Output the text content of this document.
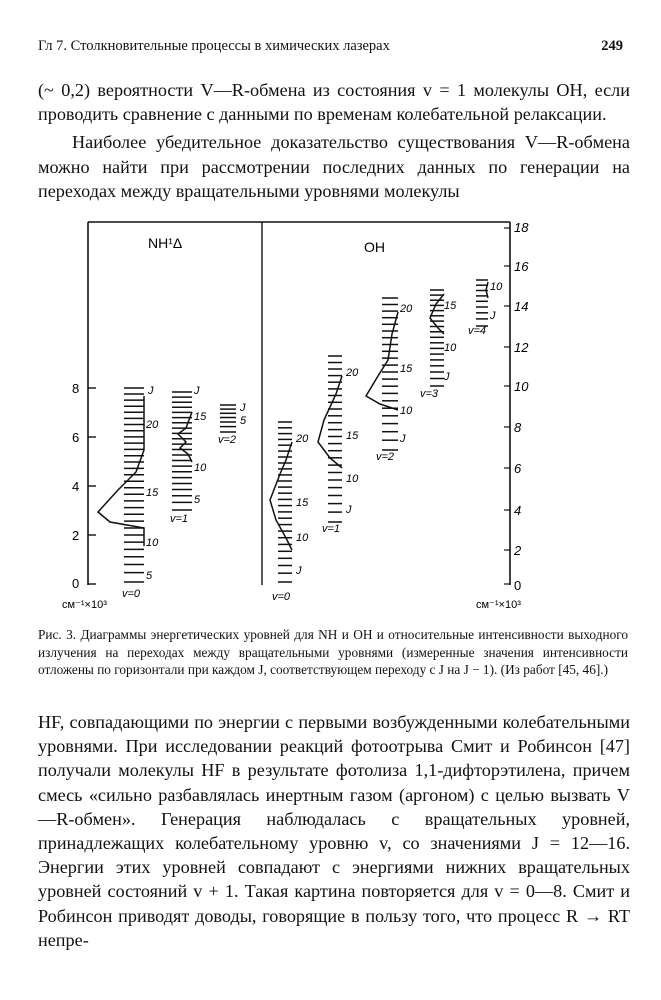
Гл 7. Столкновительные процессы в химических лазерах	249

(~ 0,2) вероятности V—R-обмена из состояния v = 1 молекулы OH, если проводить сравнение с данными по временам колебательной релаксации.

Наиболее убедительное доказательство существования V—R-обмена можно найти при рассмотрении последних данных по генерации на переходах между вращательными уровнями молекулы

NH¹Δ	OH
0
2
4
6
8
см⁻¹×10³
0
2
4
6
8
10
12
14
16
18
см⁻¹×10³
5
10
15
20
J
v=0
5
10
15
J
v=1
5
J
v=2
J
10
15
20
v=0
J
10
15
20
v=1
J
10
15
20
v=2
J
10
15
v=3
J
10
v=4
Рис. 3. Диаграммы энергетических уровней для NH и OH и относительные интенсивности выходного излучения на переходах между вращательными уровнями (измеренные значения интенсивности отложены по горизонтали при каждом J, соответствующем переходу с J на J − 1). (Из работ [45, 46].)

HF, совпадающими по энергии с первыми возбужденными колебательными уровнями. При исследовании реакций фотоотрыва Смит и Робинсон [47] получали молекулы HF в результате фотолиза 1,1-дифторэтилена, причем смесь «сильно разбавлялась инертным газом (аргоном) с целью вызвать V—R-обмен». Генерация наблюдалась с вращательных уровней, принадлежащих колебательному уровню v, со значениями J = 12—16. Энергии этих уровней совпадают с энергиями нижних вращательных уровней состояний v + 1. Такая картина повторяется для v = 0—8. Смит и Робинсон приводят доводы, говорящие в пользу того, что процесс R → RT непре-
